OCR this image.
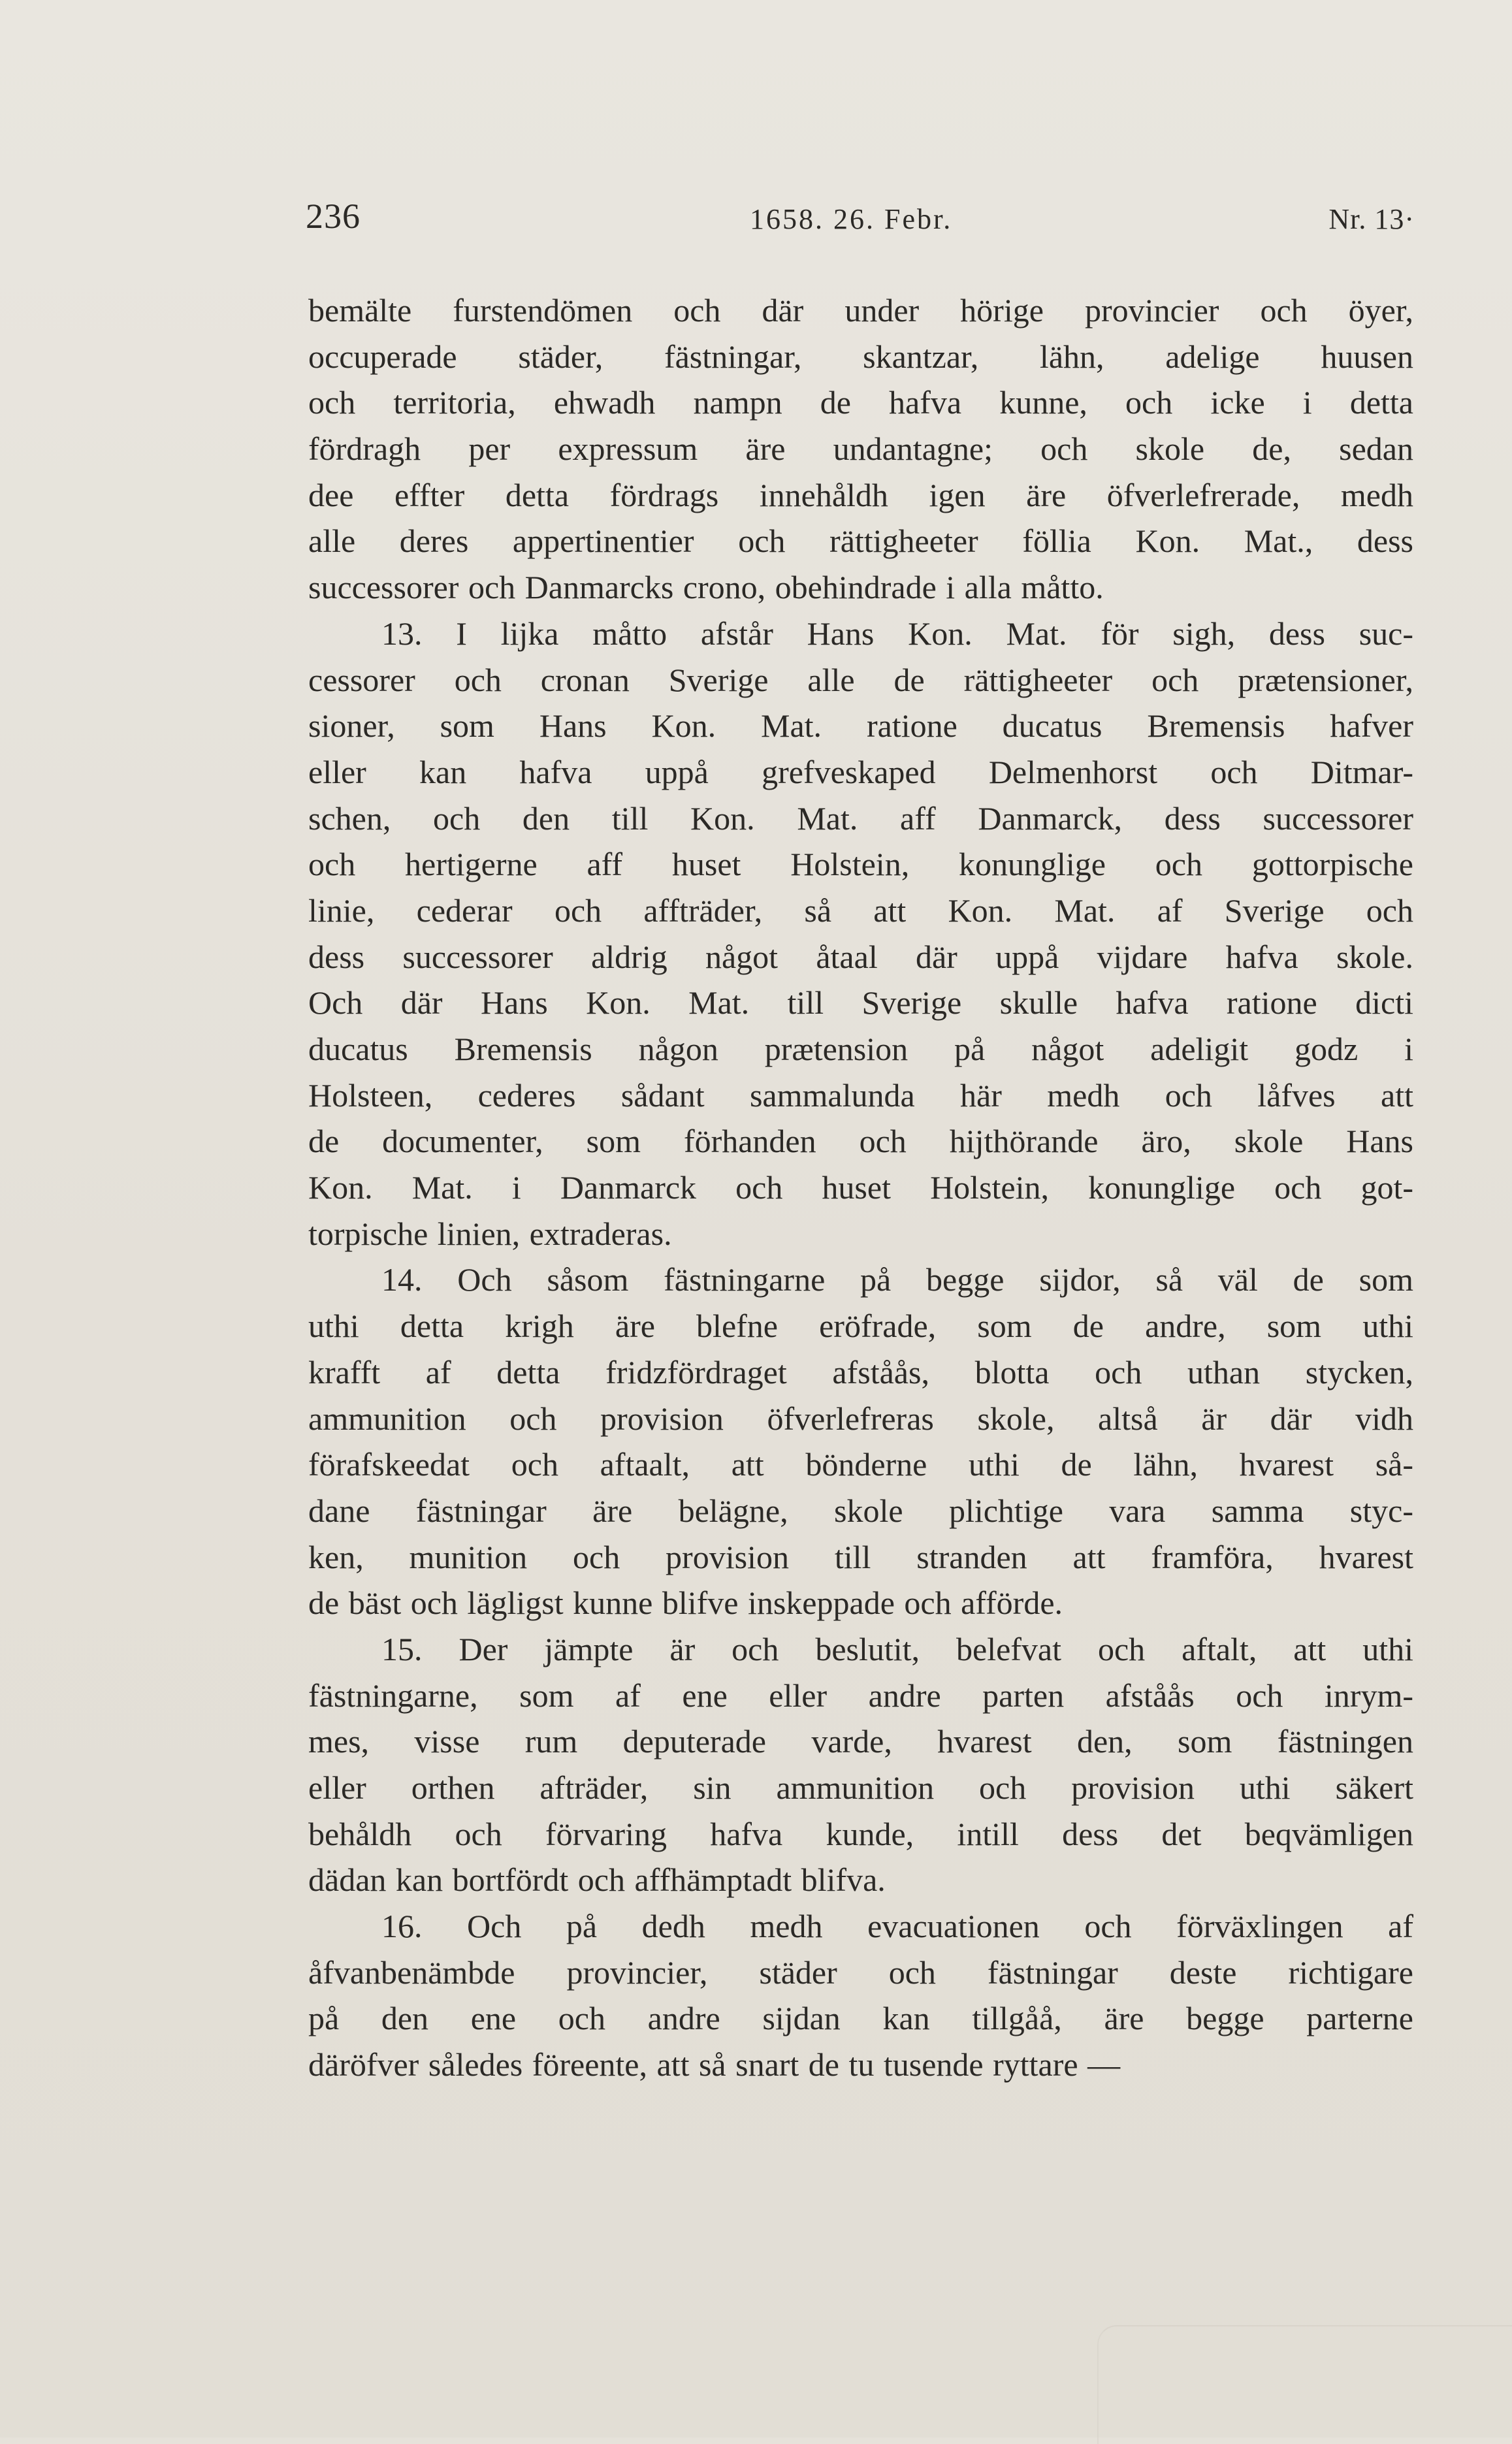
236	1658. 26. Febr.	Nr. 13·
bemälte furstendömen och där under hörige provincier och öyer,
occuperade städer, fästningar, skantzar, lähn, adelige huusen
och territoria, ehwadh nampn de hafva kunne, och icke i detta
fördragh per expressum äre undantagne; och skole de, sedan
dee effter detta fördrags innehåldh igen äre öfverlefrerade, medh
alle deres appertinentier och rättigheeter föllia Kon. Mat., dess
successorer och Danmarcks crono, obehindrade i alla måtto.
13. I lijka måtto afstår Hans Kon. Mat. för sigh, dess suc-
cessorer och cronan Sverige alle de rättigheeter och prætensioner,
sioner, som Hans Kon. Mat. ratione ducatus Bremensis hafver
eller kan hafva uppå grefveskaped Delmenhorst och Ditmar-
schen, och den till Kon. Mat. aff Danmarck, dess successorer
och hertigerne aff huset Holstein, konunglige och gottorpische
linie, cederar och affträder, så att Kon. Mat. af Sverige och
dess successorer aldrig något åtaal där uppå vijdare hafva skole.
Och där Hans Kon. Mat. till Sverige skulle hafva ratione dicti
ducatus Bremensis någon prætension på något adeligit godz i
Holsteen, cederes sådant sammalunda här medh och låfves att
de documenter, som förhanden och hijthörande äro, skole Hans
Kon. Mat. i Danmarck och huset Holstein, konunglige och got-
torpische linien, extraderas.
14. Och såsom fästningarne på begge sijdor, så väl de som
uthi detta krigh äre blefne eröfrade, som de andre, som uthi
krafft af detta fridzfördraget afståås, blotta och uthan stycken,
ammunition och provision öfverlefreras skole, altså är där vidh
förafskeedat och aftaalt, att bönderne uthi de lähn, hvarest så-
dane fästningar äre belägne, skole plichtige vara samma styc-
ken, munition och provision till stranden att framföra, hvarest
de bäst och lägligst kunne blifve inskeppade och afförde.
15. Der jämpte är och beslutit, belefvat och aftalt, att uthi
fästningarne, som af ene eller andre parten afståås och inrym-
mes, visse rum deputerade varde, hvarest den, som fästningen
eller orthen afträder, sin ammunition och provision uthi säkert
behåldh och förvaring hafva kunde, intill dess det beqvämligen
dädan kan bortfördt och affhämptadt blifva.
16. Och på dedh medh evacuationen och förväxlingen af
åfvanbenämbde provincier, städer och fästningar deste richtigare
på den ene och andre sijdan kan tillgåå, äre begge parterne
däröfver således föreente, att så snart de tu tusende ryttare —
